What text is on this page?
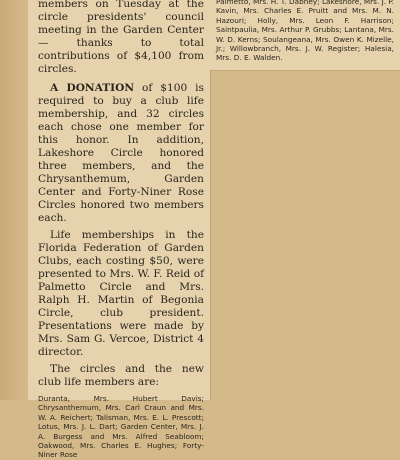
members on Tuesday at the circle presidents' council meeting in the Garden Center — thanks to total contributions of $4,100 from circles.

A DONATION of $100 is required to buy a club life membership, and 32 circles each chose one member for this honor. In addition, Lakeshore Circle honored three members, and the Chrysanthemum, Garden Center and Forty-Niner Rose Circles honored two members each.

Life memberships in the Florida Federation of Garden Clubs, each costing $50, were presented to Mrs. W. F. Reid of Palmetto Circle and Mrs. Ralph H. Martin of Begonia Circle, club president. Presentations were made by Mrs. Sam G. Vercoe, District 4 director.

The circles and the new club life members are:

Duranta, Mrs. Hubert Davis; Chrysanthemum, Mrs. Carl Craun and Mrs. W. A. Reichert; Talisman, Mrs. E. L. Prescott; Lotus, Mrs. J. L. Dart; Garden Center, Mrs. J. A. Burgess and Mrs. Alfred Seabloom; Oakwood, Mrs. Charles E. Hughes; Forty-Niner Rose
Palmetto, Mrs. H. T. Dabney; Lakeshore, Mrs. J. P. Kavin, Mrs. Charles E. Pruitt and Mrs. M. N. Hazouri; Holly, Mrs. Leon F. Harrison; Saintpaulia, Mrs. Arthur P. Grubbs; Lantana, Mrs. W. D. Kerns; Soulangeana, Mrs. Owen K. Mizelle, Jr.; Willowbranch, Mrs. J. W. Register; Halesia, Mrs. D. E. Walden.
